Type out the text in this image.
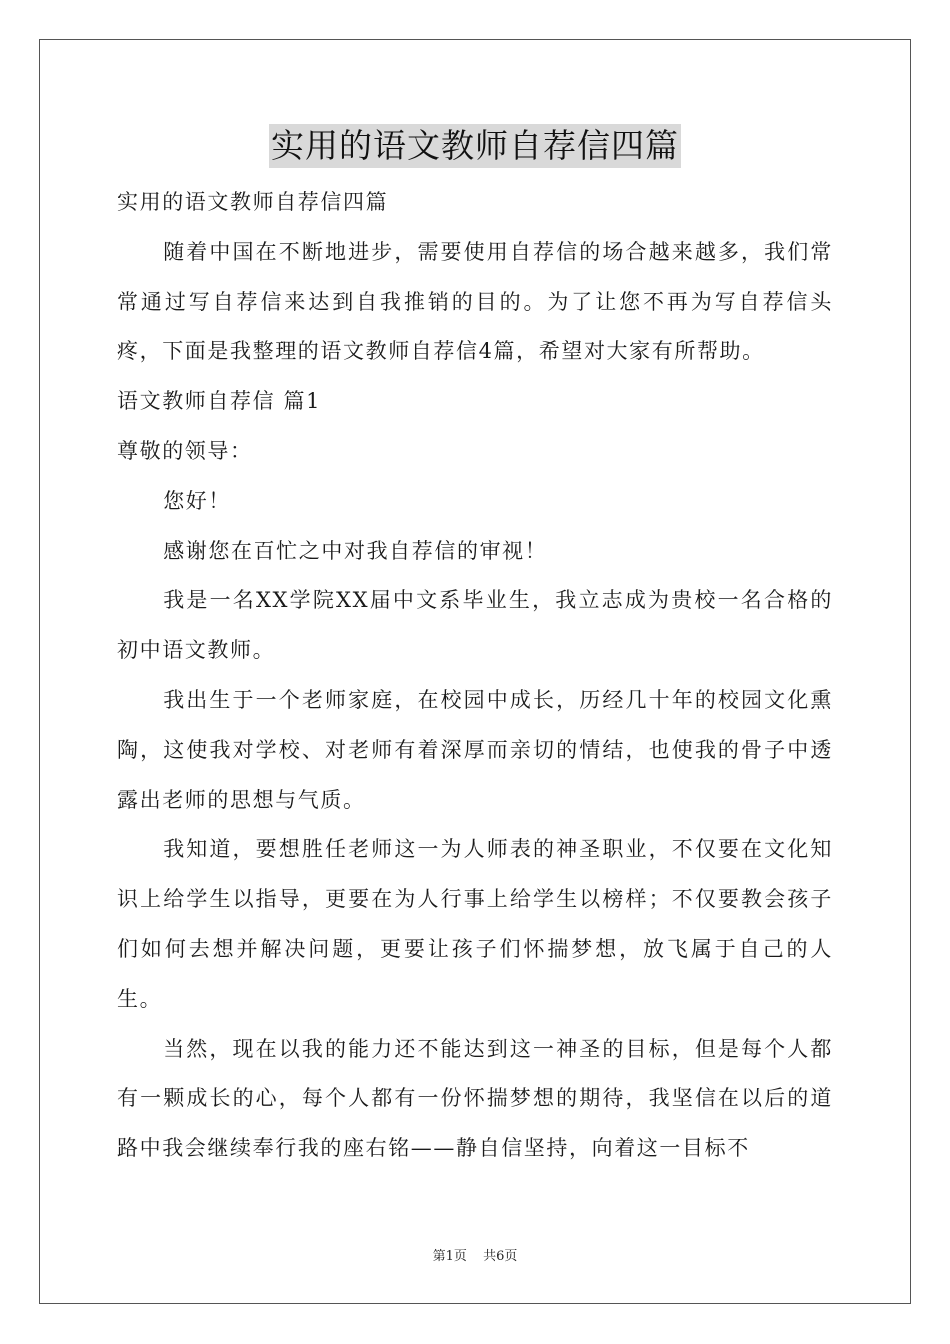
实用的语文教师自荐信四篇

实用的语文教师自荐信四篇

随着中国在不断地进步，需要使用自荐信的场合越来越多，我们常常通过写自荐信来达到自我推销的目的。为了让您不再为写自荐信头疼，下面是我整理的语文教师自荐信4篇，希望对大家有所帮助。

语文教师自荐信 篇1

尊敬的领导：

您好！

感谢您在百忙之中对我自荐信的审视！

我是一名XX学院XX届中文系毕业生，我立志成为贵校一名合格的初中语文教师。

我出生于一个老师家庭，在校园中成长，历经几十年的校园文化熏陶，这使我对学校、对老师有着深厚而亲切的情结，也使我的骨子中透露出老师的思想与气质。

我知道，要想胜任老师这一为人师表的神圣职业，不仅要在文化知识上给学生以指导，更要在为人行事上给学生以榜样；不仅要教会孩子们如何去想并解决问题，更要让孩子们怀揣梦想，放飞属于自己的人生。

当然，现在以我的能力还不能达到这一神圣的目标，但是每个人都有一颗成长的心，每个人都有一份怀揣梦想的期待，我坚信在以后的道路中我会继续奉行我的座右铭——静自信坚持，向着这一目标不

第1页 共6页
